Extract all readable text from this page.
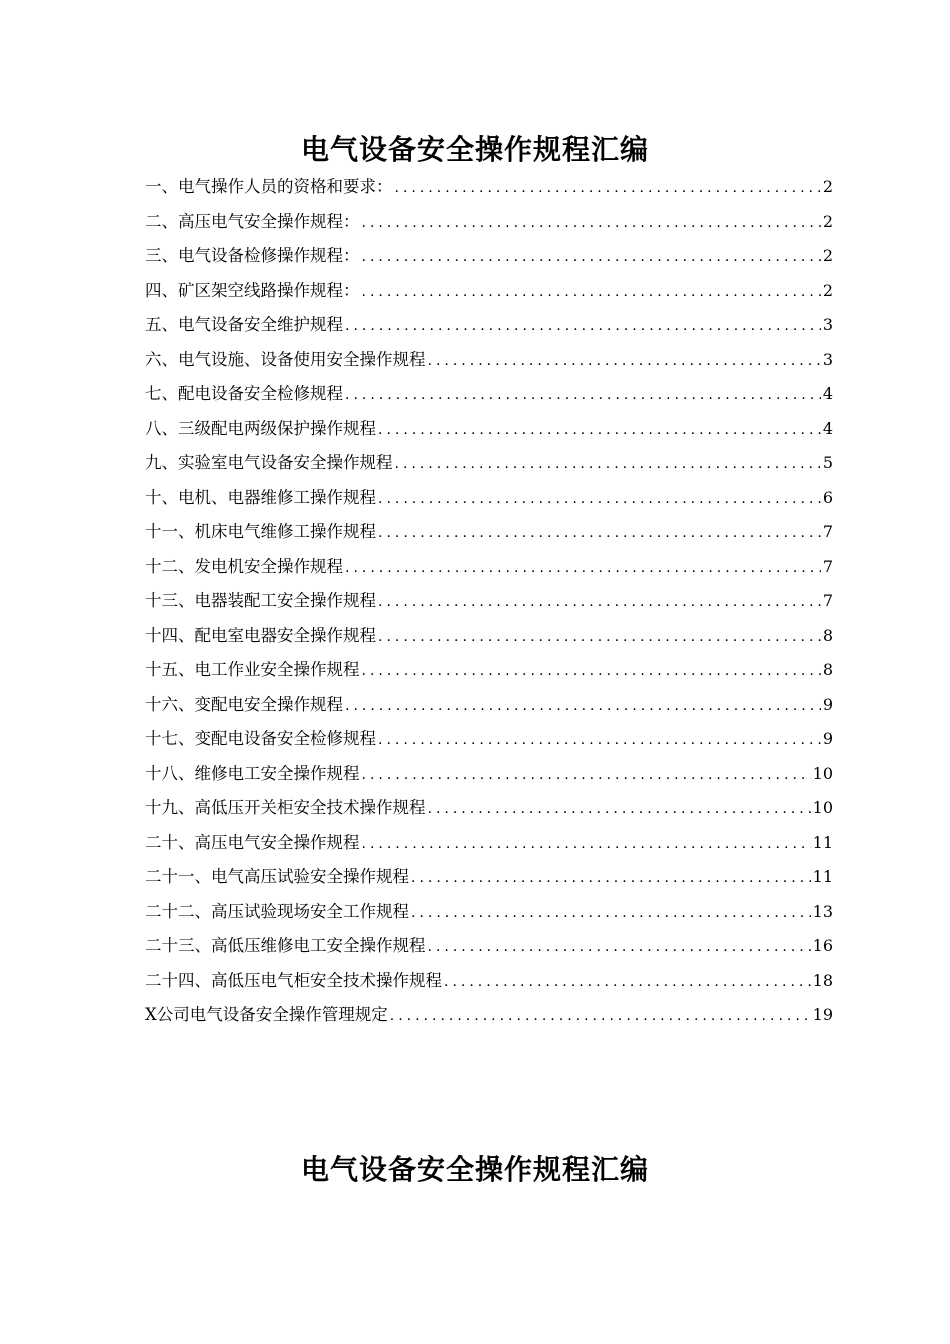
电气设备安全操作规程汇编
一、电气操作人员的资格和要求： .....	2
二、高压电气安全操作规程： .....	2
三、电气设备检修操作规程： .....	2
四、矿区架空线路操作规程： .....	2
五、电气设备安全维护规程 .....	3
六、电气设施、设备使用安全操作规程 .....	3
七、配电设备安全检修规程 .....	4
八、三级配电两级保护操作规程 .....	4
九、实验室电气设备安全操作规程 .....	5
十、电机、电器维修工操作规程 .....	6
十一、机床电气维修工操作规程 .....	7
十二、发电机安全操作规程 .....	7
十三、电器装配工安全操作规程 .....	7
十四、配电室电器安全操作规程 .....	8
十五、电工作业安全操作规程 .....	8
十六、变配电安全操作规程 .....	9
十七、变配电设备安全检修规程 .....	9
十八、维修电工安全操作规程 .....	10
十九、高低压开关柜安全技术操作规程 .....	10
二十、高压电气安全操作规程 .....	11
二十一、电气高压试验安全操作规程 .....	11
二十二、高压试验现场安全工作规程 .....	13
二十三、高低压维修电工安全操作规程 .....	16
二十四、高低压电气柜安全技术操作规程 .....	18
X公司电气设备安全操作管理规定 .....	19
电气设备安全操作规程汇编
